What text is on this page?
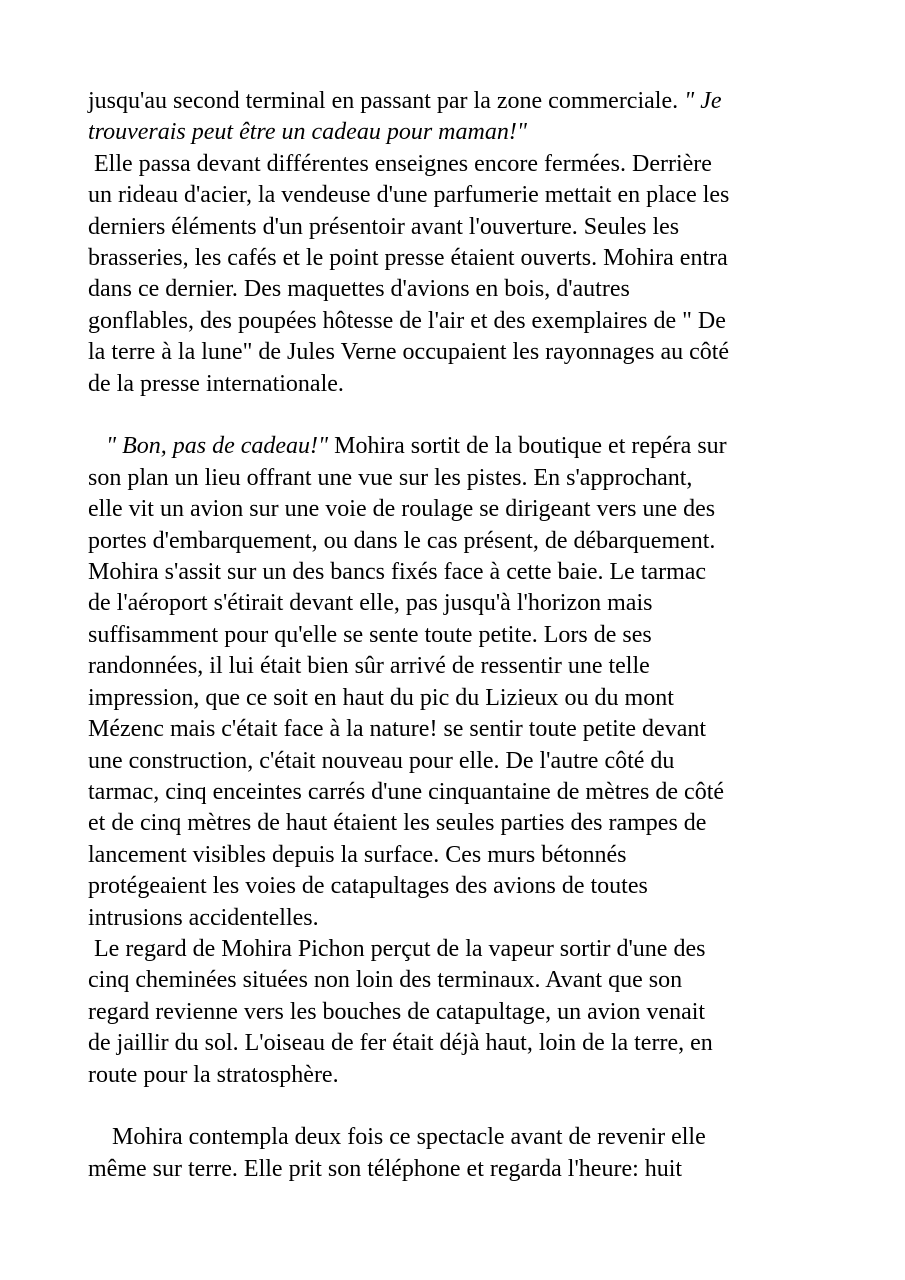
jusqu'au second terminal en passant par la zone commerciale. " Je
trouverais peut être un cadeau pour maman!"
Elle passa devant différentes enseignes encore fermées. Derrière
un rideau d'acier, la vendeuse d'une parfumerie mettait en place les
derniers éléments d'un présentoir avant l'ouverture. Seules les
brasseries, les cafés et le point presse étaient ouverts. Mohira entra
dans ce dernier. Des maquettes d'avions en bois, d'autres
gonflables, des poupées hôtesse de l'air et des exemplaires de " De
la terre à la lune" de Jules Verne occupaient les rayonnages au côté
de la presse internationale.
" Bon, pas de cadeau!" Mohira sortit de la boutique et repéra sur
son plan un lieu offrant une vue sur les pistes. En s'approchant,
elle vit un avion sur une voie de roulage se dirigeant vers une des
portes d'embarquement, ou dans le cas présent, de débarquement.
Mohira s'assit sur un des bancs fixés face à cette baie. Le tarmac
de l'aéroport s'étirait devant elle, pas jusqu'à l'horizon mais
suffisamment pour qu'elle se sente toute petite. Lors de ses
randonnées, il lui était bien sûr arrivé de ressentir une telle
impression, que ce soit en haut du pic du Lizieux ou du mont
Mézenc mais c'était face à la nature! se sentir toute petite devant
une construction, c'était nouveau pour elle. De l'autre côté du
tarmac, cinq enceintes carrés d'une cinquantaine de mètres de côté
et de cinq mètres de haut étaient les seules parties des rampes de
lancement visibles depuis la surface. Ces murs bétonnés
protégeaient les voies de catapultages des avions de toutes
intrusions accidentelles.
Le regard de Mohira Pichon perçut de la vapeur sortir d'une des
cinq cheminées situées non loin des terminaux. Avant que son
regard revienne vers les bouches de catapultage, un avion venait
de jaillir du sol. L'oiseau de fer était déjà haut, loin de la terre, en
route pour la stratosphère.
Mohira contempla deux fois ce spectacle avant de revenir elle
même sur terre. Elle prit son téléphone et regarda l'heure: huit
